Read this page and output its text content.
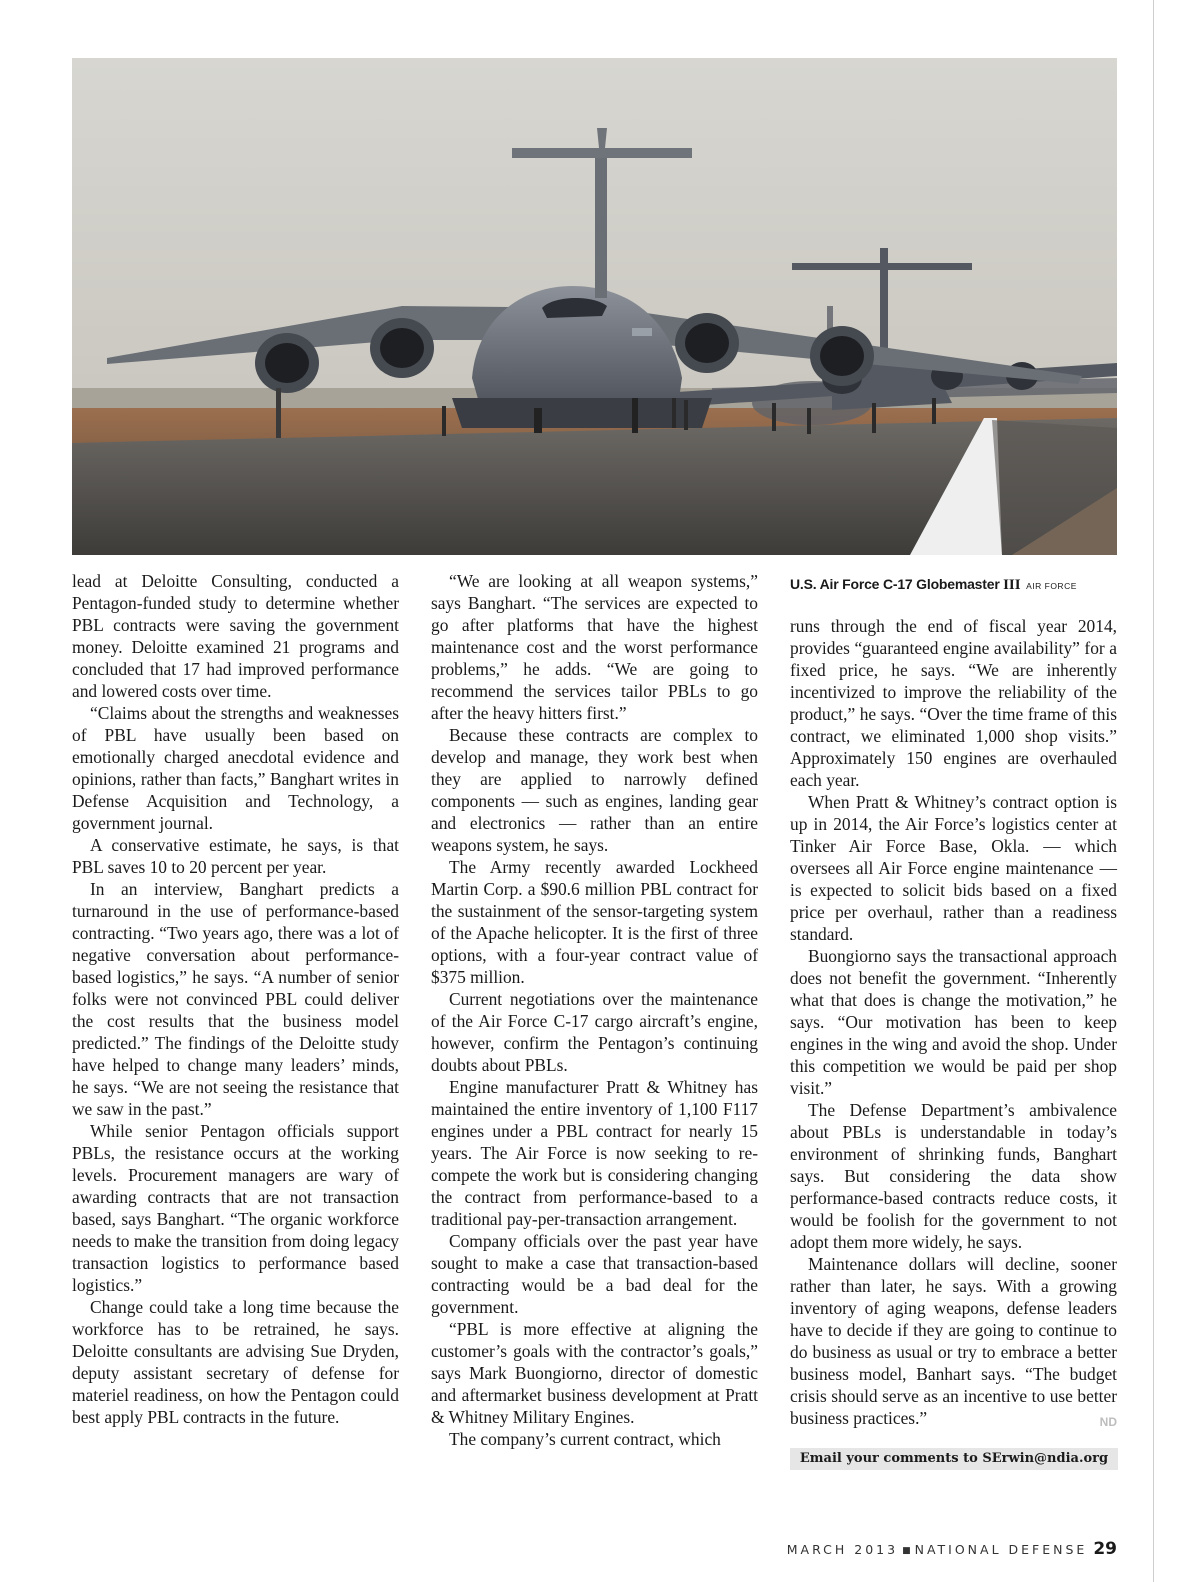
lead at Deloitte Consulting, conducted a Pentagon-funded study to determine whether PBL contracts were saving the government money. Deloitte examined 21 programs and concluded that 17 had improved performance and lowered costs over time.

“Claims about the strengths and weaknesses of PBL have usually been based on emotionally charged anecdotal evidence and opinions, rather than facts,” Banghart writes in Defense Acquisition and Technology, a government journal.

A conservative estimate, he says, is that PBL saves 10 to 20 percent per year.

In an interview, Banghart predicts a turnaround in the use of performance-based contracting. “Two years ago, there was a lot of negative conversation about performance-based logistics,” he says. “A number of senior folks were not convinced PBL could deliver the cost results that the business model predicted.” The findings of the Deloitte study have helped to change many leaders’ minds, he says. “We are not seeing the resistance that we saw in the past.”

While senior Pentagon officials support PBLs, the resistance occurs at the working levels. Procurement managers are wary of awarding contracts that are not transaction based, says Banghart. “The organic workforce needs to make the transition from doing legacy transaction logistics to performance based logistics.”

Change could take a long time because the workforce has to be retrained, he says. Deloitte consultants are advising Sue Dryden, deputy assistant secretary of defense for materiel readiness, on how the Pentagon could best apply PBL contracts in the future.

“We are looking at all weapon systems,” says Banghart. “The services are expected to go after platforms that have the highest maintenance cost and the worst performance problems,” he adds. “We are going to recommend the services tailor PBLs to go after the heavy hitters first.”

Because these contracts are complex to develop and manage, they work best when they are applied to narrowly defined components — such as engines, landing gear and electronics — rather than an entire weapons system, he says.

The Army recently awarded Lockheed Martin Corp. a $90.6 million PBL contract for the sustainment of the sensor-targeting system of the Apache helicopter. It is the first of three options, with a four-year contract value of $375 million.

Current negotiations over the maintenance of the Air Force C-17 cargo aircraft’s engine, however, confirm the Pentagon’s continuing doubts about PBLs.

Engine manufacturer Pratt & Whitney has maintained the entire inventory of 1,100 F117 engines under a PBL contract for nearly 15 years. The Air Force is now seeking to re-compete the work but is considering changing the contract from performance-based to a traditional pay-per-transaction arrangement.

Company officials over the past year have sought to make a case that transaction-based contracting would be a bad deal for the government.

“PBL is more effective at aligning the customer’s goals with the contractor’s goals,” says Mark Buongiorno, director of domestic and aftermarket business development at Pratt & Whitney Military Engines.

The company’s current contract, which

U.S. Air Force C-17 Globemaster III AIR FORCE

runs through the end of fiscal year 2014, provides “guaranteed engine availability” for a fixed price, he says. “We are inherently incentivized to improve the reliability of the product,” he says. “Over the time frame of this contract, we eliminated 1,000 shop visits.” Approximately 150 engines are overhauled each year.

When Pratt & Whitney’s contract option is up in 2014, the Air Force’s logistics center at Tinker Air Force Base, Okla. — which oversees all Air Force engine maintenance — is expected to solicit bids based on a fixed price per overhaul, rather than a readiness standard.

Buongiorno says the transactional approach does not benefit the government. “Inherently what that does is change the motivation,” he says. “Our motivation has been to keep engines in the wing and avoid the shop. Under this competition we would be paid per shop visit.”

The Defense Department’s ambivalence about PBLs is understandable in today’s environment of shrinking funds, Banghart says. But considering the data show performance-based contracts reduce costs, it would be foolish for the government to not adopt them more widely, he says.

Maintenance dollars will decline, sooner rather than later, he says. With a growing inventory of aging weapons, defense leaders have to decide if they are going to continue to do business as usual or try to embrace a better business model, Banhart says. “The budget crisis should serve as an incentive to use better business practices.”	ND

Email your comments to SErwin@ndia.org
MARCH 2013 ■ NATIONAL DEFENSE 29
